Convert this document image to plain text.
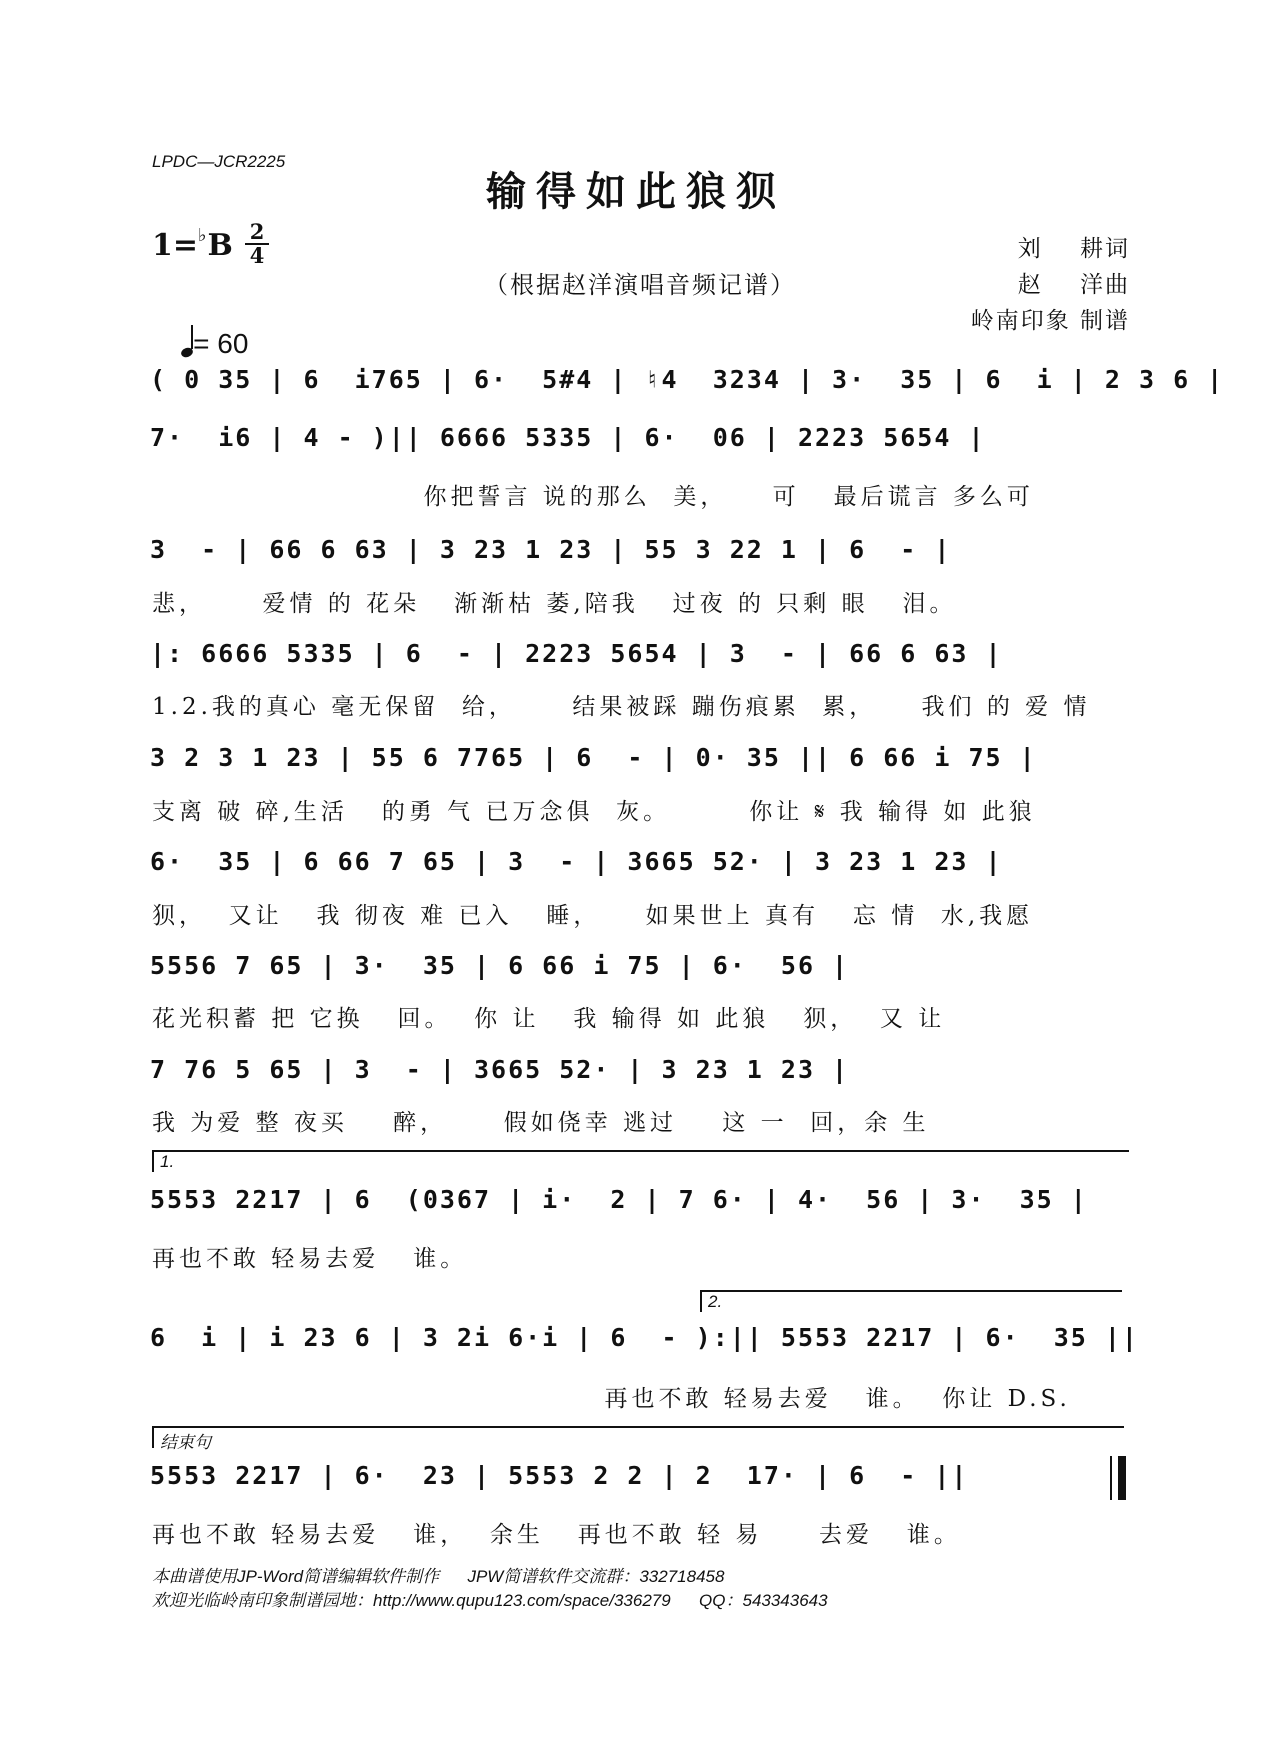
LPDC—JCR2225
输得如此狼狈
1=♭B 2
4

= 60

（根据赵洋演唱音频记谱）
刘    耕词
赵    洋曲
岭南印象 制谱
( 0 35 | 6  i765 | 6·  5#4 | ♮4  3234 | 3·  35 | 6  i | 2 3 6 |
7·  i6 | 4 - )|| 6666 5335 | 6·  06 | 2223 5654 |
你把誓言 说的那么  美，    可   最后谎言 多么可
3  - | 66 6 63 | 3 23 1 23 | 55 3 22 1 | 6  - |
悲，     爱情 的 花朵   渐渐枯 萎,陪我   过夜 的 只剩 眼   泪。
|: 6666 5335 | 6  - | 2223 5654 | 3  - | 66 6 63 |
1.2.我的真心 毫无保留  给，     结果被踩 蹦伤痕累  累，    我们 的 爱 情
3 2 3 1 23 | 55 6 7765 | 6  - | 0· 35 || 6 66 i 75 |
支离 破 碎,生活   的勇 气 已万念俱  灰。       你让 𝄋 我 输得 如 此狼
6·  35 | 6 66 7 65 | 3  - | 3665 52· | 3 23 1 23 |
狈，  又让   我 彻夜 难 已入   睡，    如果世上 真有   忘 情  水,我愿
5556 7 65 | 3·  35 | 6 66 i 75 | 6·  56 |
花光积蓄 把 它换   回。  你 让   我 输得 如 此狼   狈，  又 让
7 76 5 65 | 3  - | 3665 52· | 3 23 1 23 |
我 为爱 整 夜买    醉，     假如侥幸 逃过    这 一  回，余 生
1.
5553 2217 | 6  (0367 | i·  2 | 7 6· | 4·  56 | 3·  35 |
再也不敢 轻易去爱   谁。
2.
6  i | i 23 6 | 3 2i 6·i | 6  - ):|| 5553 2217 | 6·  35 ||
再也不敢 轻易去爱   谁。  你让 D.S.
结束句
5553 2217 | 6·  23 | 5553 2 2 | 2  17· | 6  - ||
再也不敢 轻易去爱   谁，  余生   再也不敢 轻 易     去爱   谁。
本曲谱使用JP-Word简谱编辑软件制作      JPW简谱软件交流群：332718458
欢迎光临岭南印象制谱园地：http://www.qupu123.com/space/336279      QQ：543343643
